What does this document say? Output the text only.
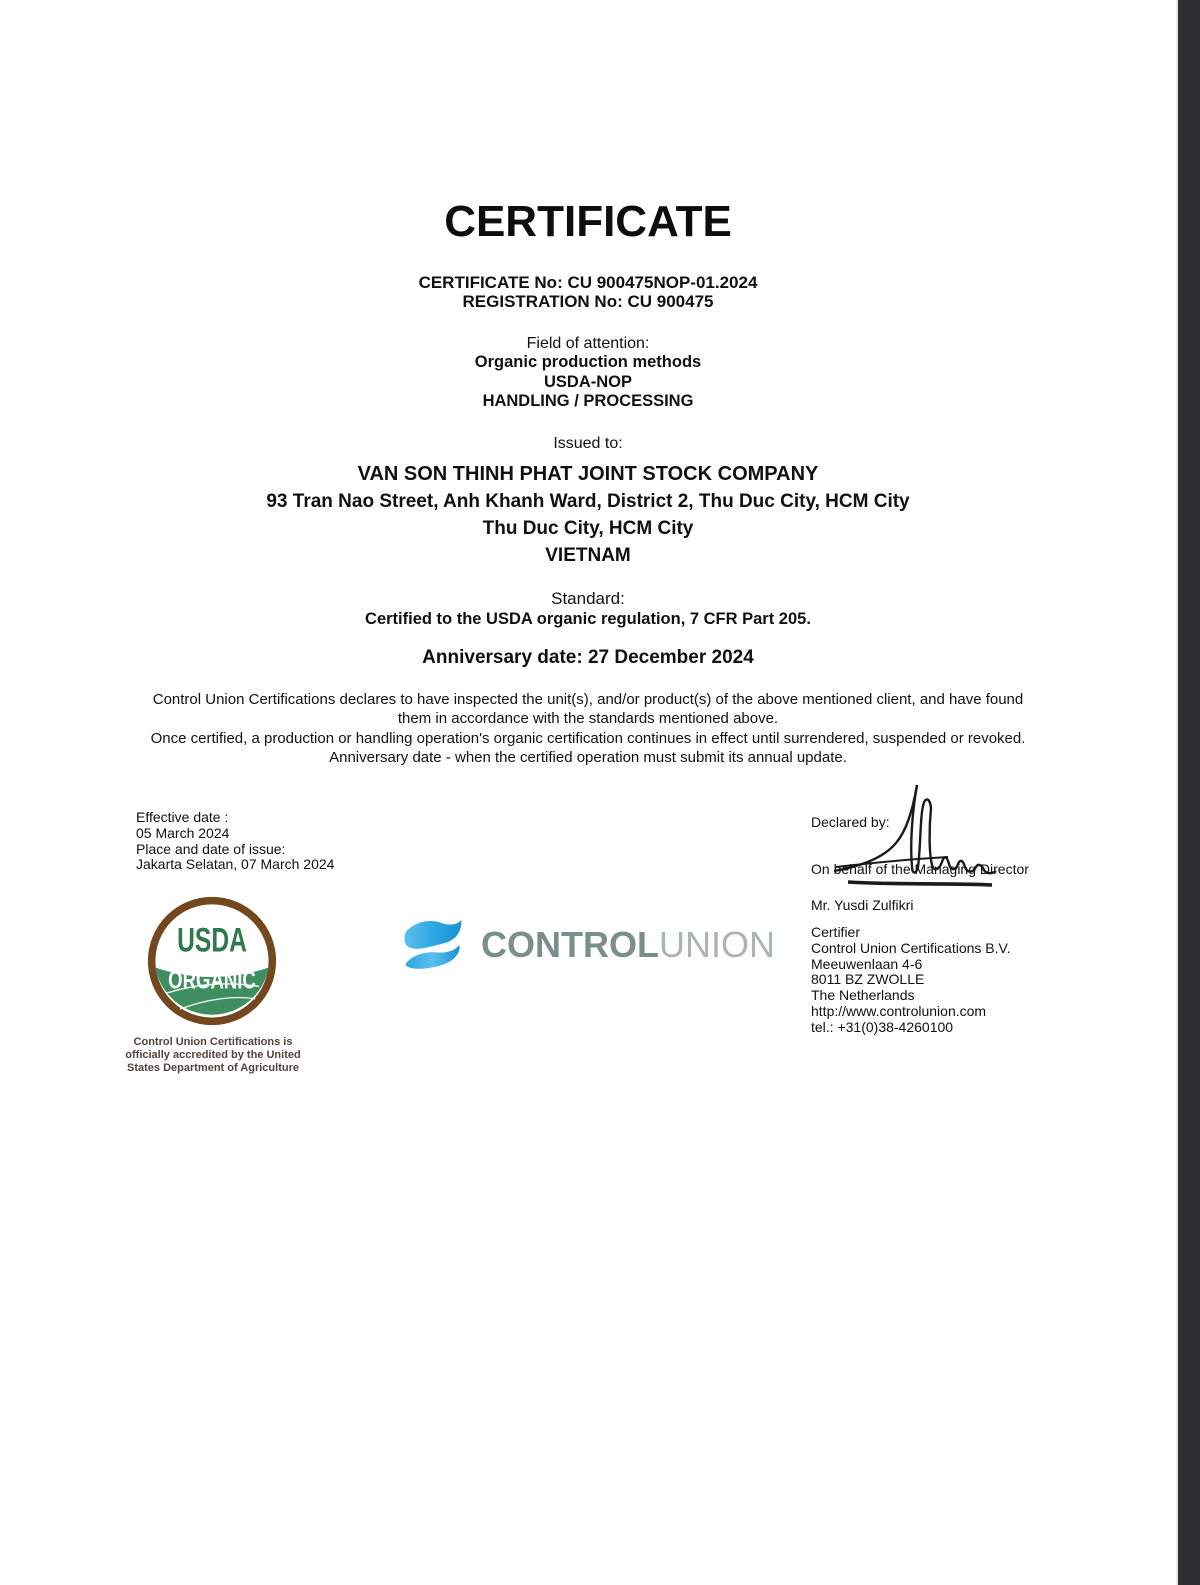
CERTIFICATE
CERTIFICATE No: CU 900475NOP-01.2024
REGISTRATION No: CU 900475
Field of attention:
Organic production methods
USDA-NOP
HANDLING / PROCESSING
Issued to:
VAN SON THINH PHAT JOINT STOCK COMPANY
93 Tran Nao Street, Anh Khanh Ward, District 2, Thu Duc City, HCM City
Thu Duc City, HCM City
VIETNAM
Standard:
Certified to the USDA organic regulation, 7 CFR Part 205.
Anniversary date: 27 December 2024
Control Union Certifications declares to have inspected the unit(s), and/or product(s) of the above mentioned client, and have found
them in accordance with the standards mentioned above.
Once certified, a production or handling operation's organic certification continues in effect until surrendered, suspended or revoked.
Anniversary date - when the certified operation must submit its annual update.
Effective date :
05 March 2024
Place and date of issue:
Jakarta Selatan, 07 March 2024
Declared by:
On behalf of the Managing Director
Mr. Yusdi Zulfikri
Certifier
Control Union Certifications B.V.
Meeuwenlaan 4-6
8011 BZ ZWOLLE
The Netherlands
http://www.controlunion.com
tel.: +31(0)38-4260100
USDA
ORGANIC
Control Union Certifications is officially accredited by the United States Department of Agriculture
CONTROLUNION
